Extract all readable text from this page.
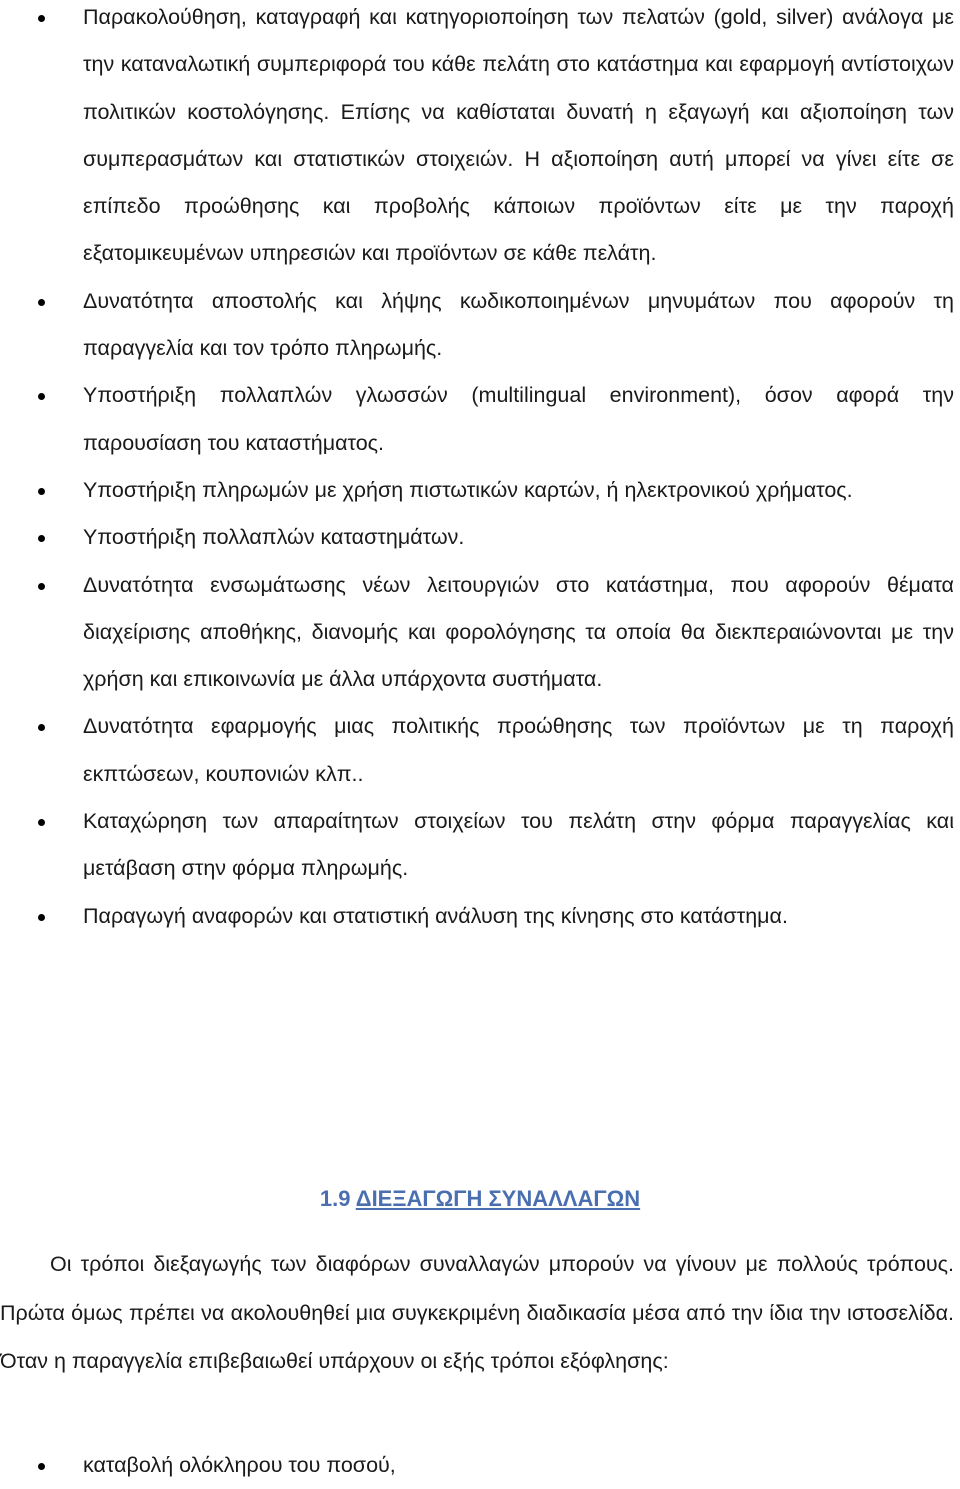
Παρακολούθηση, καταγραφή και κατηγοριοποίηση των πελατών (gold, silver) ανάλογα με την καταναλωτική συμπεριφορά του κάθε πελάτη στο κατάστημα και εφαρμογή αντίστοιχων πολιτικών κοστολόγησης. Επίσης να καθίσταται δυνατή η εξαγωγή και αξιοποίηση των συμπερασμάτων και στατιστικών στοιχειών. Η αξιοποίηση αυτή μπορεί να γίνει είτε σε επίπεδο προώθησης και προβολής κάποιων προϊόντων είτε με την παροχή εξατομικευμένων υπηρεσιών και προϊόντων σε κάθε πελάτη.
Δυνατότητα αποστολής και λήψης κωδικοποιημένων μηνυμάτων που αφορούν τη παραγγελία και τον τρόπο πληρωμής.
Υποστήριξη πολλαπλών γλωσσών (multilingual environment), όσον αφορά την παρουσίαση του καταστήματος.
Υποστήριξη πληρωμών με χρήση πιστωτικών καρτών, ή ηλεκτρονικού χρήματος.
Υποστήριξη πολλαπλών καταστημάτων.
Δυνατότητα ενσωμάτωσης νέων λειτουργιών στο κατάστημα, που αφορούν θέματα διαχείρισης αποθήκης, διανομής και φορολόγησης τα οποία θα διεκπεραιώνονται με την χρήση και επικοινωνία με άλλα υπάρχοντα συστήματα.
Δυνατότητα εφαρμογής μιας πολιτικής προώθησης των προϊόντων με τη παροχή εκπτώσεων, κουπονιών κλπ..
Καταχώρηση των απαραίτητων στοιχείων του πελάτη στην φόρμα παραγγελίας και μετάβαση στην φόρμα πληρωμής.
Παραγωγή αναφορών και στατιστική ανάλυση της κίνησης στο κατάστημα.
1.9 ΔΙΕΞΑΓΩΓΗ ΣΥΝΑΛΛΑΓΩΝ

Οι τρόποι διεξαγωγής των διαφόρων συναλλαγών μπορούν να γίνουν με πολλούς τρόπους. Πρώτα όμως πρέπει να ακολουθηθεί μια συγκεκριμένη διαδικασία μέσα από την ίδια την ιστοσελίδα. Όταν η παραγγελία επιβεβαιωθεί υπάρχουν οι εξής τρόποι εξόφλησης:

καταβολή ολόκληρου του ποσού,
